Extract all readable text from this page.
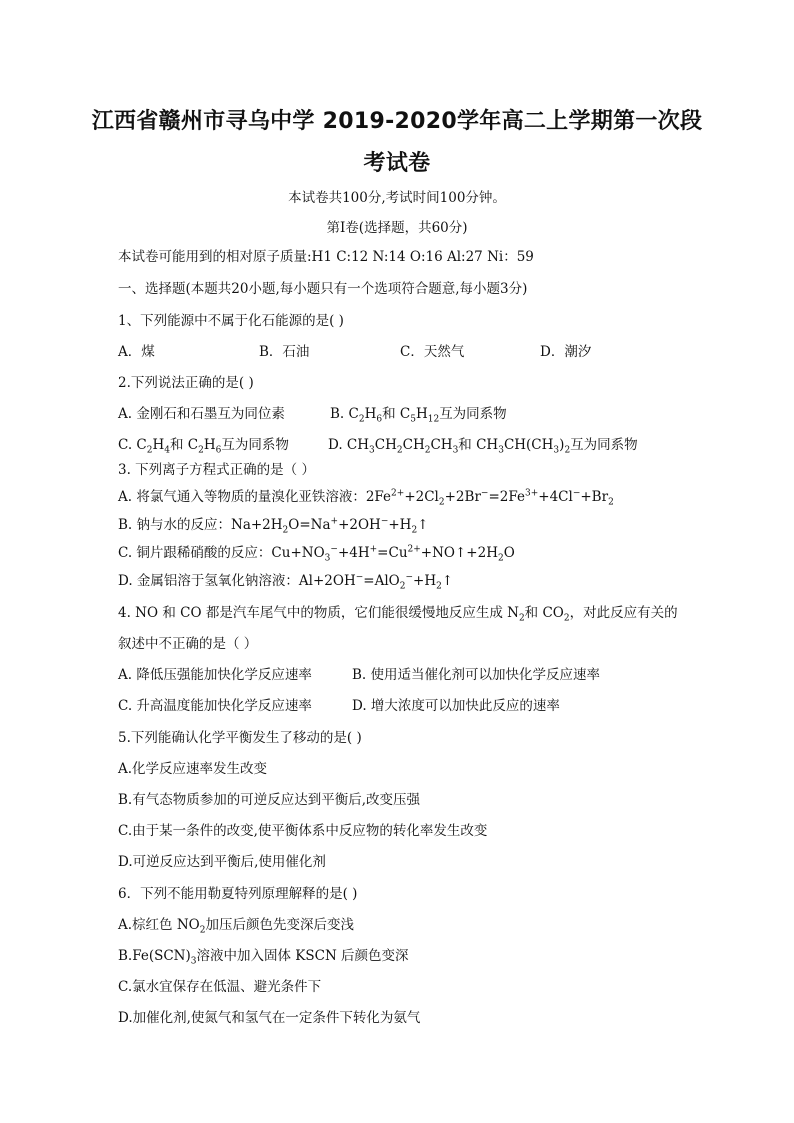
江西省赣州市寻乌中学 2019-2020学年高二上学期第一次段
考试卷
本试卷共100分,考试时间100分钟。
第I卷(选择题，共60分)
本试卷可能用到的相对原子质量:H1 C:12 N:14 O:16 Al:27 Ni：59
一、选择题(本题共20小题,每小题只有一个选项符合题意,每小题3分)
1、下列能源中不属于化石能源的是( )
A．煤	B．石油	C．天然气	D．潮汐
2.下列说法正确的是( )
A. 金刚石和石墨互为同位素	B. $C_2H_6$和 $C_5H_{12}$互为同系物
C. $C_2H_4$和 $C_2H_6$互为同系物	D. $CH_3CH_2CH_2CH_3$和 $CH_3CH(CH_3)_2$互为同系物
3. 下列离子方程式正确的是（ ）
A. 将氯气通入等物质的量溴化亚铁溶液：$2Fe^{2+}+2Cl_2+2Br^-=2Fe^{3+}+4Cl^-+Br_2$
B. 钠与水的反应：$Na+2H_2O=Na^++2OH^-+H_2↑$
C. 铜片跟稀硝酸的反应：$Cu+NO_3^-+4H^+=Cu^{2+}+NO↑+2H_2O$
D. 金属铝溶于氢氧化钠溶液：$Al+2OH^-=AlO_2^-+H_2↑$
4. NO 和 CO 都是汽车尾气中的物质，它们能很缓慢地反应生成 $N_2$和 $CO_2$，对此反应有关的
叙述中不正确的是（ ）
A. 降低压强能加快化学反应速率	B. 使用适当催化剂可以加快化学反应速率
C. 升高温度能加快化学反应速率	D. 增大浓度可以加快此反应的速率
5.下列能确认化学平衡发生了移动的是( )
A.化学反应速率发生改变
B.有气态物质参加的可逆反应达到平衡后,改变压强
C.由于某一条件的改变,使平衡体系中反应物的转化率发生改变
D.可逆反应达到平衡后,使用催化剂
6．下列不能用勒夏特列原理解释的是( )
A.棕红色 $NO_2$加压后颜色先变深后变浅
$B.Fe(SCN)_3$溶液中加入固体 KSCN 后颜色变深
C.氯水宜保存在低温、避光条件下
D.加催化剂,使氮气和氢气在一定条件下转化为氨气
